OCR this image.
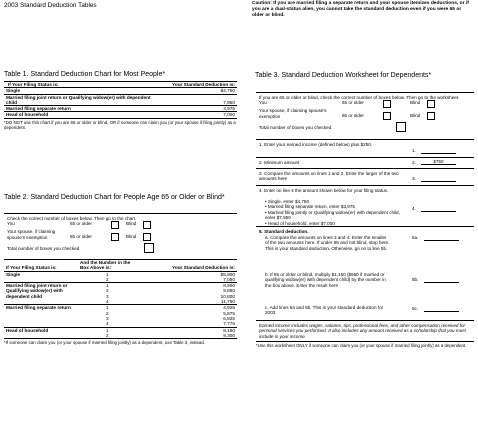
2003 Standard Deduction Tables	Caution: If you are married filing a separate return and your spouse itemizes deductions, or if you are a dual-status alien, you cannot take the standard deduction even if you were 65 or older or blind.
Table 1. Standard Deduction Chart for Most People*
If Your Filing Status is:	Your Standard Deduction is:
Single	$4,750
Married filing joint return or Qualifying widow(er) with dependent child	7,950
Married filing separate return	3,975
Head of household	7,000
*DO NOT use this chart if you are 65 or older or blind, OR if someone can claim you (or your spouse if filing jointly) as a dependent.
Table 2. Standard Deduction Chart for People Age 65 or Older or Blind*
Check the correct number of boxes below. Then go to the chart.
You	65 or older	Blind
Your spouse, if claiming spouse's exemption	65 or older	Blind
Total number of boxes you checked
If Your Filing Status is:	And the Number in the Box Above is:	Your Standard Deduction is:
Single	1	$5,900
	2	7,050
Married filing joint return or Qualifying widow(er) with dependent child	1	8,900
	2	9,850
	3	10,800
	4	11,750
Married filing separate return	1	4,925
	2	5,875
	3	6,825
	4	7,775
Head of household	1	8,150
	2	9,300
*If someone can claim you (or your spouse if married filing jointly) as a dependent, use Table 3, instead.
Table 3. Standard Deduction Worksheet for Dependents*
If you are 65 or older or blind, check the correct number of boxes below. Then go to the worksheet.
You	65 or older	Blind
Your spouse, if claiming spouse's exemption	65 or older	Blind
Total number of boxes you checked
1. Enter your earned income (defined below) plus $250.
1.
2. Minimum amount	2.	$750
3. Compare the amounts on lines 1 and 2. Enter the larger of the two amounts here	3.
4. Enter on line 4 the amount shown below for your filing status.
• Single, enter $4,750
• Married filing separate return, enter $3,975
• Married filing jointly or Qualifying widow(er) with dependent child, enter $7,950
• Head of household, enter $7,000
4.
5. Standard deduction.
a. Compare the amounts on lines 3 and 4. Enter the smaller of the two amounts here. If under 65 and not blind, stop here. This is your standard deduction. Otherwise, go on to line 5b.
5a.
b. If 65 or older or blind, multiply $1,150 ($950 if married or qualifying widow(er) with dependent child) by the number in the box above. Enter the result here
5b.
c. Add lines 5a and 5b. This is your standard deduction for 2003.
5c.
Earned income includes wages, salaries, tips, professional fees, and other compensation received for personal services you performed. It also includes any amount received as a scholarship that you must include in your income.
*Use this worksheet ONLY if someone can claim you (or your spouse if married filing jointly) as a dependent.
